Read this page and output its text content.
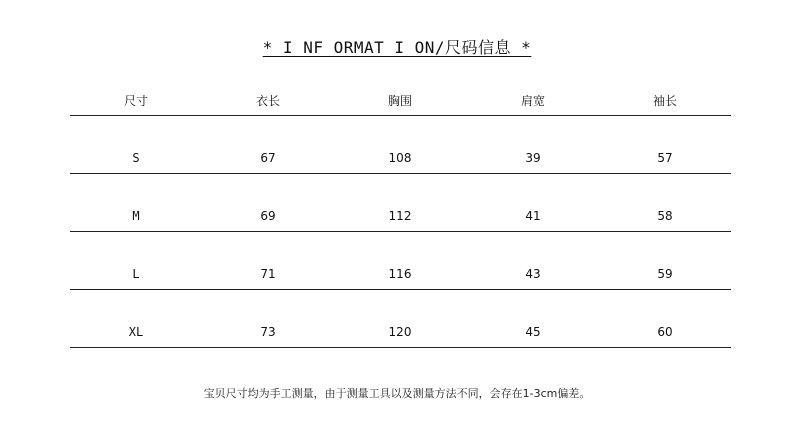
* I NF ORMAT I ON/尺码信息 *
尺寸	衣长	胸围	肩宽	袖长
S	67	108	39	57
M	69	112	41	58
L	71	116	43	59
XL	73	120	45	60
宝贝尺寸均为手工测量，由于测量工具以及测量方法不同，会存在1-3cm偏差。
